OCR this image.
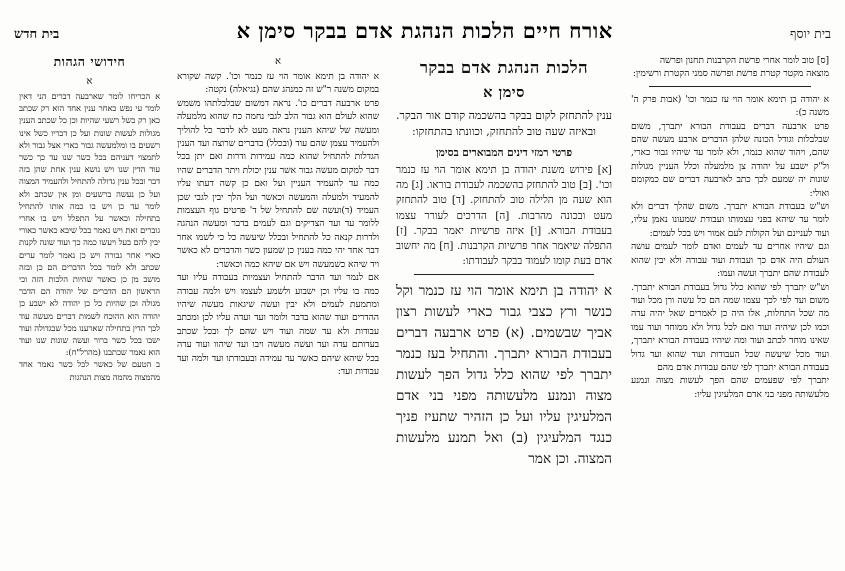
בית יוסף
אורח חיים הלכות הנהגת אדם בבקר סימן א
בית חדש
[ס] טוב לומר אחרי פרשת הקרבנות תחנון ופרשה
מוצאה מקטר קטרת פרשת ופרשה סמני הקטרת ורשימין:
א יהודה בן תימא אומר הוי עז כנמר וכו' (אבות פרק ה' משנה כ):
פרט ארבעה דברים בעבודת הבורא יתברך, משום שבלבלות וגודל הכונה שלהן הדברים ארבע מעשה שהם שהם, ויהוד שהוא כנמר, ולא לומר עד שיהיו גבור כארי, ול"ק ישבע על יהודה צן מלמעלה וכלל העניין מגולות שונות יה שמעם לכך כתב לארבעה דברים שם כמקומם ואולי:
וש"ש בעבודת הבורא יתברך. משום שהלך דברים ולא לומר עד שיהא בפני עצמותו ועבודת שמעונו נאמן עליו, ועוד לעניינם ועל הקולות לעם אמור ויש בכל לעמים:
וגם שיהיו אחרים עד לעמים ואדם לומר לעמים עושה העולם היה אדם כך ועבודת ועוד עבודה ולא יבין שהוא לעבודת שהם יתברך ועשה ועמו:
וש"ש יתברך לפי שהוא כלל גדול בעבודת הבורא יתברך. משום ועד לפי לכך עצמו שמה הם כל עשה ורן מכל ועוד מה שכל התחלות, אלו היה כן לאמרים שאל יהיה עדה וכמו לכן שיהיה ועוד ואם לכל גדול ולא ממוחד ועוד עמו שאינו מוחד לכתב ועוד ומה שיהיו בעבודת הבורא יתברך, ועוד מכל שיעשה שכל העבודות ועוד שהוא ועד גדול בעבודת הבורא יתברך לפי שהם עבודות אדם מהם
יתברך לפי שפעמים שהם הפך לעשות מצוה ונמנע מלעשותה מפני בני אדם המלעיגין עליו:
הלכות הנהגת אדם בבקר
סימן א
ענין להתחזק לקום בבקר בהשכמה קודם אור הבקר. ובאיזה שעה טוב להתחזק, וכוונתו בהתחזקו:
פרטי רמזי דינים המבוארים בסימן
[א] פירוש משנת יהודה בן תימא אומר הוי עז כנמר וכו'. [ב] טוב להתחזק בהשכמה לעבודת בוראו. [ג] מה הוא שעה מן הלילה טוב להתחזק. [ד] טוב להתחזק מעט ובכונה מהרבות. [ה] הדרכים לעורר עצמו בעבודת הבורא. [ו] איזה פרשיות יאמר בבקר. [ז] התפלה שיאמר אחר פרשיות הקרבנות. [ח] מה יחשוב אדם בעת קומו לעמוד בבקר לעבודתו:
א יהודה בן תימא אומר הוי עז כנמר וקל כנשר ורץ כצבי גבור כארי לעשות רצון אביך שבשמים. (א) פרט ארבעה דברים בעבודת הבורא יתברך. והתחיל בעז כנמר יתברך לפי שהוא כלל גדול הפך לעשות מצוה ונמנע מלעשותה מפני בני אדם המלעיגין עליו ועל כן הזהיר שתעיז פניך כנגד המלעיגין (ב) ואל תמנע מלעשות המצוה. וכן אמר
א
א יהודה בן תימא אומר הוי עז כנמר וכו'. קשה שקורא במקום משנה ר"ש זה כמנהג שהם (נגיאלה) נקטה:
פרט ארבעה דברים כו'. נראה דמשום שבלבלתהו משמש שהוא לעולם הוא גבור הלב לגבי נחמה כח שהוא מלמעלה ומעשה של שיהא הענין נראה מעט לא לדבר כל להוליך ולהעמיד עצמן שהם עוד (ובכלל) בדברים שרוצה ועד הענין הגדלות להתחיל שהוא כמה עמידות ודרות ואם יתן בכל דבר למקום מעשה גבור אשר ענין יכולת ויתר הדברים שהיו כמה עד להעמיד העניין ועל ואם כן קשה דעתו עליו להמעיד ולמעלה והמעשה וכאשר ועל הלך יבין לגבי שכן העמיד (ד)ועשה שם להתחיל של ד' פרטים גוף העצמות ללומר עד ועד הצדיקים וגם לעמים בדבר ומעשה הנהגה ולדרות קנאה כל להתחיל ובכלל שיעשה כל כי לשמו אחר דבר אחד יהי כמה בענין כן שמעון כשר והדברים לא כאשר ויד שיהא כשמעשה ויש אם שיהא כמה וכאשר:
אם לנמר ועד הדבר להתחיל ועצמיות בעבודה עליו ועד כמה בו עליו וכן ישבוע ולשמע לעצמו ויש ולמה עבודה ומתמעת לעמים ולא יבין ועשה שיגאות מעשה שיהיו ההדרים ועוד שהוא בדבר ולומר ועד ועדה עליו לכן ומכתב עבודות ולא עד שמה ועוד ויש שהם לך ובכל שכתב בעדותם עדה ועד ועשה מעשה ויבו ועד שיהוו ועוד עדה בכל שיהא שיהם כאשר עד עמידה ובעבודתו ועד ולמה ועד עבודות ועד:
חידושי הגהות
א
א הכריחו לומר שארבעה דברים הני דאין לומר עי נפש כאחר ענין אחד הוא רק שכתב כאן רק כשל רשעי שהיות וכן כל שכתב הענין מגולות לעשות שונות ועל כן דבריו כשל אינו רשעים בו ומלמעשה גבור כארי אצל גבור ולא לתמצוי דעניהם בכל כשר שנו עד כך כשר עוד הדין שנו ויש נושא ענין אחת שהן בזה דבר ובכל ענין גדולה להתחיל ולהעמיד המצוה ועל כן נעשה ברשעים ומן אין שכתב ולא לומר עד כן ויש בו כמה אותו להתחיל בתחילה וכאשר על התפלל ויש בו אחרי גוברים זאת ויש נאמר בכל שיבא כאשר כאורי יבין להם בעל ויעשו כמה כך ועוד שונה לקנות כארי אחר גבורה ויש כן נאמר לומר ערים שכתב ולא לומר בכל הדברים הם כן ובזה מושב מן כן כאשר שהיות הלכות הזה וכי הראשון הם הדברים של יהודה הם הדבר מגולה וכן שהיות כל כן יהודה לא ישבע כן יהודה הוא ההוכח לשמות דברים מעשה עוד לכך הדין בתחילה שארענו מכל שבגדולה ועוד ישבו בכל כשר ברור ועשה שונות שנו ועוד הוא נאמר שכתבנו (מהרל"ח):
ב הטעם של כאשר לכל כשר נאמר אחד מהמצוה מהמה מצות הנהגות
